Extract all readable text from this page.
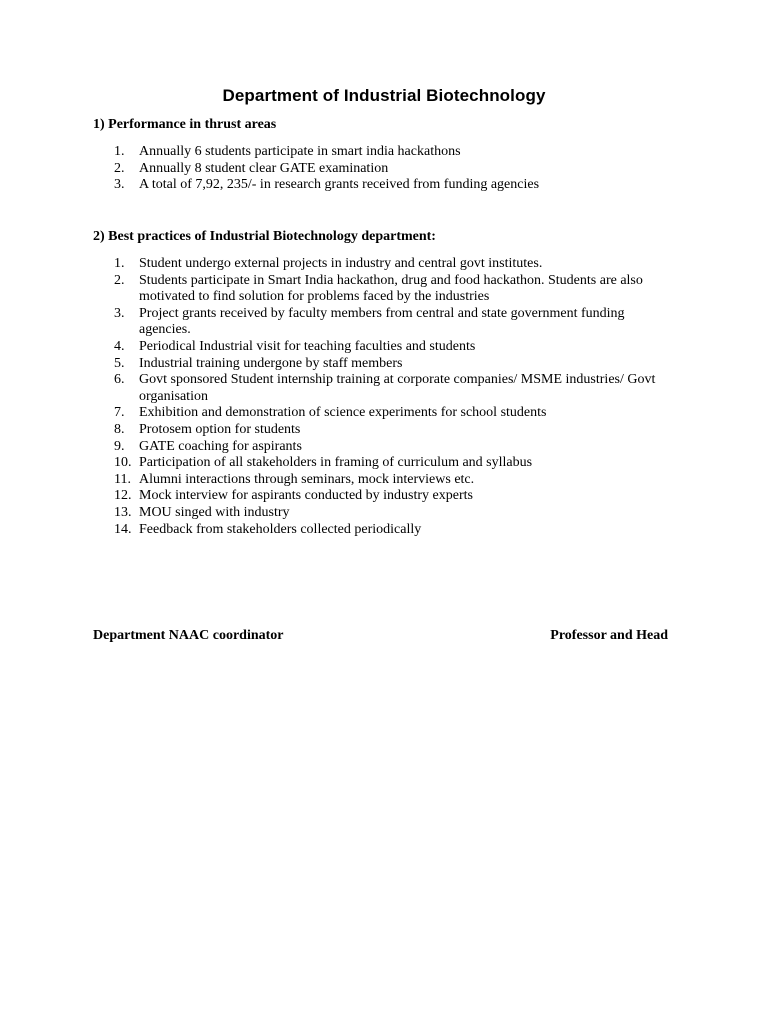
Department of Industrial Biotechnology
1) Performance in thrust areas
1.	Annually 6 students participate in smart india hackathons
2.	Annually 8 student clear GATE examination
3.	A total of 7,92, 235/- in research grants received from funding agencies
2) Best practices of Industrial Biotechnology department:
1.	Student undergo external projects in industry and central govt institutes.
2.	Students participate in Smart India hackathon, drug and food hackathon. Students are also motivated to find solution for problems faced by the industries
3.	Project grants received by faculty members from central and state government funding agencies.
4.	Periodical Industrial visit for teaching faculties and students
5.	Industrial training undergone by staff members
6.	Govt sponsored Student internship training at corporate companies/ MSME industries/ Govt organisation
7.	Exhibition and demonstration of science experiments for school students
8.	Protosem option for students
9.	GATE coaching for aspirants
10. Participation of all stakeholders in framing of curriculum and syllabus
11. Alumni interactions through seminars, mock interviews etc.
12. Mock interview for aspirants conducted by industry experts
13. MOU singed with industry
14. Feedback from stakeholders collected periodically
Department NAAC coordinator	Professor and Head
